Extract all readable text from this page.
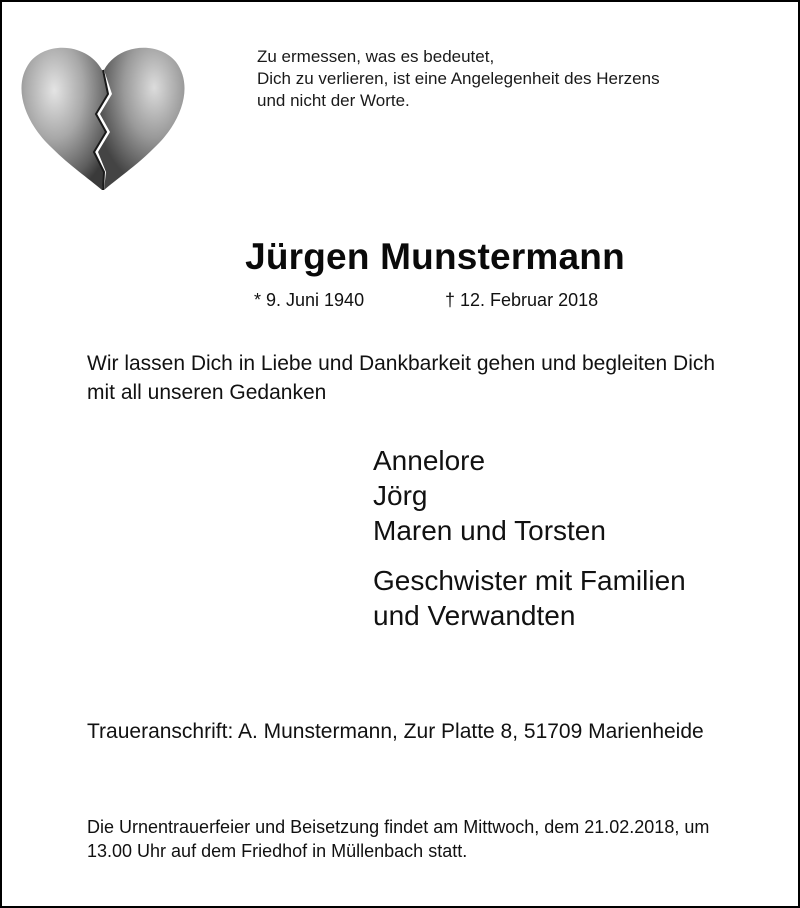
Zu ermessen, was es bedeutet,
Dich zu verlieren, ist eine Angelegenheit des Herzens
und nicht der Worte.
Jürgen Munstermann
* 9. Juni 1940	† 12. Februar 2018
Wir lassen Dich in Liebe und Dankbarkeit gehen und begleiten Dich
mit all unseren Gedanken
Annelore
Jörg
Maren und Torsten
Geschwister mit Familien
und Verwandten
Traueranschrift: A. Munstermann, Zur Platte 8, 51709 Marienheide
Die Urnentrauerfeier und Beisetzung findet am Mittwoch, dem 21.02.2018, um
13.00 Uhr auf dem Friedhof in Müllenbach statt.
